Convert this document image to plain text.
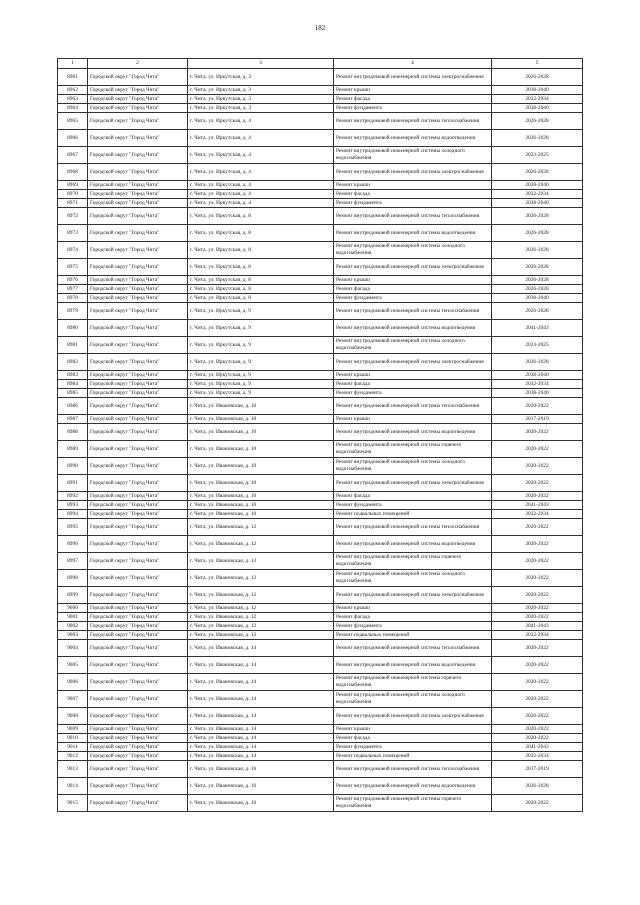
182
1	2	3	4	5
8961	Городской округ "Город Чита"	г. Чита, ул. Иркутская, д. 3	Ремонт внутридомовой инженерной системы электроснабжения	2026-2028
8962	Городской округ "Город Чита"	г. Чита, ул. Иркутская, д. 3	Ремонт крыши	2038-2040
8963	Городской округ "Город Чита"	г. Чита, ул. Иркутская, д. 3	Ремонт фасада	2032-2034
8964	Городской округ "Город Чита"	г. Чита, ул. Иркутская, д. 3	Ремонт фундамента	2038-2040
8965	Городской округ "Город Чита"	г. Чита, ул. Иркутская, д. 4	Ремонт внутридомовой инженерной системы теплоснабжения	2026-2028
8966	Городской округ "Город Чита"	г. Чита, ул. Иркутская, д. 4	Ремонт внутридомовой инженерной системы водоотведения	2026-2028
8967	Городской округ "Город Чита"	г. Чита, ул. Иркутская, д. 4	Ремонт внутридомовой инженерной системы холодного водоснабжения	2023-2025
8968	Городской округ "Город Чита"	г. Чита, ул. Иркутская, д. 4	Ремонт внутридомовой инженерной системы электроснабжения	2026-2028
8969	Городской округ "Город Чита"	г. Чита, ул. Иркутская, д. 4	Ремонт крыши	2038-2040
8970	Городской округ "Город Чита"	г. Чита, ул. Иркутская, д. 4	Ремонт фасада	2032-2034
8971	Городской округ "Город Чита"	г. Чита, ул. Иркутская, д. 4	Ремонт фундамента	2038-2040
8972	Городской округ "Город Чита"	г. Чита, ул. Иркутская, д. 8	Ремонт внутридомовой инженерной системы теплоснабжения	2026-2028
8973	Городской округ "Город Чита"	г. Чита, ул. Иркутская, д. 8	Ремонт внутридомовой инженерной системы водоотведения	2026-2028
8974	Городской округ "Город Чита"	г. Чита, ул. Иркутская, д. 8	Ремонт внутридомовой инженерной системы холодного водоснабжения	2026-2028
8975	Городской округ "Город Чита"	г. Чита, ул. Иркутская, д. 8	Ремонт внутридомовой инженерной системы электроснабжения	2026-2028
8976	Городской округ "Город Чита"	г. Чита, ул. Иркутская, д. 8	Ремонт крыши	2026-2028
8977	Городской округ "Город Чита"	г. Чита, ул. Иркутская, д. 8	Ремонт фасада	2026-2028
8978	Городской округ "Город Чита"	г. Чита, ул. Иркутская, д. 8	Ремонт фундамента	2038-2040
8979	Городской округ "Город Чита"	г. Чита, ул. Иркутская, д. 9	Ремонт внутридомовой инженерной системы теплоснабжения	2026-2028
8980	Городской округ "Город Чита"	г. Чита, ул. Иркутская, д. 9	Ремонт внутридомовой инженерной системы водоотведения	2041-2043
8981	Городской округ "Город Чита"	г. Чита, ул. Иркутская, д. 9	Ремонт внутридомовой инженерной системы холодного водоснабжения	2023-2025
8982	Городской округ "Город Чита"	г. Чита, ул. Иркутская, д. 9	Ремонт внутридомовой инженерной системы электроснабжения	2026-2028
8983	Городской округ "Город Чита"	г. Чита, ул. Иркутская, д. 9	Ремонт крыши	2038-2040
8984	Городской округ "Город Чита"	г. Чита, ул. Иркутская, д. 9	Ремонт фасада	2032-2034
8985	Городской округ "Город Чита"	г. Чита, ул. Иркутская, д. 9	Ремонт фундамента	2038-2040
8986	Городской округ "Город Чита"	г. Чита, ул. Ивановская, д. 10	Ремонт внутридомовой инженерной системы теплоснабжения	2020-2022
8987	Городской округ "Город Чита"	г. Чита, ул. Ивановская, д. 10	Ремонт крыши	2017-2019
8988	Городской округ "Город Чита"	г. Чита, ул. Ивановская, д. 10	Ремонт внутридомовой инженерной системы водоотведения	2020-2022
8989	Городской округ "Город Чита"	г. Чита, ул. Ивановская, д. 10	Ремонт внутридомовой инженерной системы горячего водоснабжения	2020-2022
8990	Городской округ "Город Чита"	г. Чита, ул. Ивановская, д. 10	Ремонт внутридомовой инженерной системы холодного водоснабжения	2020-2022
8991	Городской округ "Город Чита"	г. Чита, ул. Ивановская, д. 10	Ремонт внутридомовой инженерной системы электроснабжения	2020-2022
8992	Городской округ "Город Чита"	г. Чита, ул. Ивановская, д. 10	Ремонт фасада	2020-2022
8993	Городской округ "Город Чита"	г. Чита, ул. Ивановская, д. 10	Ремонт фундамента	2041-2043
8994	Городской округ "Город Чита"	г. Чита, ул. Ивановская, д. 10	Ремонт подвальных помещений	2032-2034
8995	Городской округ "Город Чита"	г. Чита, ул. Ивановская, д. 12	Ремонт внутридомовой инженерной системы теплоснабжения	2020-2022
8996	Городской округ "Город Чита"	г. Чита, ул. Ивановская, д. 12	Ремонт внутридомовой инженерной системы водоотведения	2020-2022
8997	Городской округ "Город Чита"	г. Чита, ул. Ивановская, д. 12	Ремонт внутридомовой инженерной системы горячего водоснабжения	2020-2022
8998	Городской округ "Город Чита"	г. Чита, ул. Ивановская, д. 12	Ремонт внутридомовой инженерной системы холодного водоснабжения	2020-2022
8999	Городской округ "Город Чита"	г. Чита, ул. Ивановская, д. 12	Ремонт внутридомовой инженерной системы электроснабжения	2020-2022
9000	Городской округ "Город Чита"	г. Чита, ул. Ивановская, д. 12	Ремонт крыши	2020-2022
9001	Городской округ "Город Чита"	г. Чита, ул. Ивановская, д. 12	Ремонт фасада	2020-2022
9002	Городской округ "Город Чита"	г. Чита, ул. Ивановская, д. 12	Ремонт фундамента	2041-2043
9003	Городской округ "Город Чита"	г. Чита, ул. Ивановская, д. 12	Ремонт подвальных помещений	2032-2034
9004	Городской округ "Город Чита"	г. Чита, ул. Ивановская, д. 14	Ремонт внутридомовой инженерной системы теплоснабжения	2020-2022
9005	Городской округ "Город Чита"	г. Чита, ул. Ивановская, д. 14	Ремонт внутридомовой инженерной системы водоотведения	2020-2022
9006	Городской округ "Город Чита"	г. Чита, ул. Ивановская, д. 14	Ремонт внутридомовой инженерной системы горячего водоснабжения	2020-2022
9007	Городской округ "Город Чита"	г. Чита, ул. Ивановская, д. 14	Ремонт внутридомовой инженерной системы холодного водоснабжения	2020-2022
9008	Городской округ "Город Чита"	г. Чита, ул. Ивановская, д. 14	Ремонт внутридомовой инженерной системы электроснабжения	2020-2022
9009	Городской округ "Город Чита"	г. Чита, ул. Ивановская, д. 14	Ремонт крыши	2020-2022
9010	Городской округ "Город Чита"	г. Чита, ул. Ивановская, д. 14	Ремонт фасада	2020-2022
9011	Городской округ "Город Чита"	г. Чита, ул. Ивановская, д. 14	Ремонт фундамента	2041-2043
9012	Городской округ "Город Чита"	г. Чита, ул. Ивановская, д. 14	Ремонт подвальных помещений	2032-2034
9013	Городской округ "Город Чита"	г. Чита, ул. Ивановская, д. 16	Ремонт внутридомовой инженерной системы теплоснабжения	2017-2019
9014	Городской округ "Город Чита"	г. Чита, ул. Ивановская, д. 16	Ремонт внутридомовой инженерной системы водоотведения	2026-2028
9015	Городской округ "Город Чита"	г. Чита, ул. Ивановская, д. 16	Ремонт внутридомовой инженерной системы горячего водоснабжения	2020-2022
